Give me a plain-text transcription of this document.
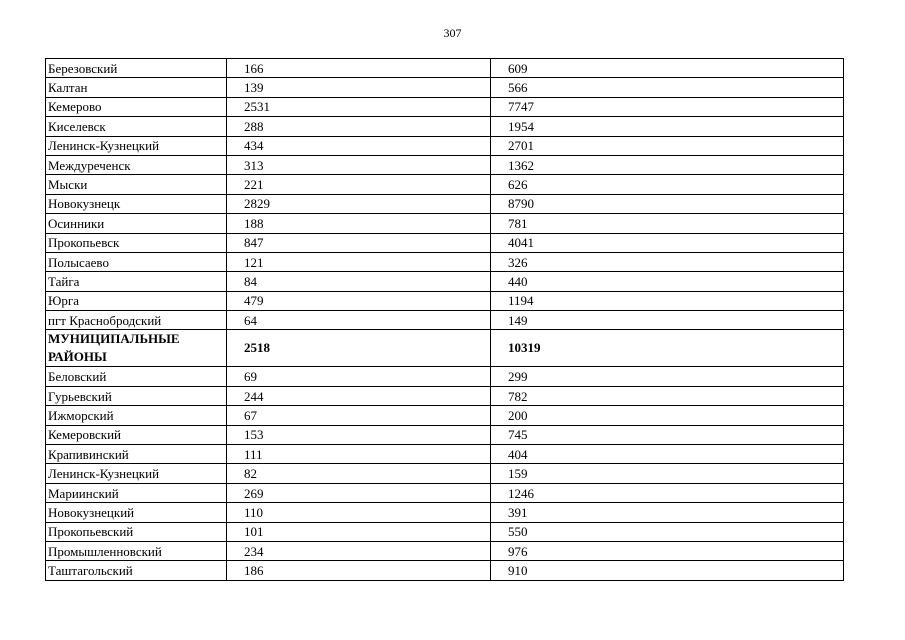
307
Березовский	166	609
Калтан	139	566
Кемерово	2531	7747
Киселевск	288	1954
Ленинск-Кузнецкий	434	2701
Междуреченск	313	1362
Мыски	221	626
Новокузнецк	2829	8790
Осинники	188	781
Прокопьевск	847	4041
Полысаево	121	326
Тайга	84	440
Юрга	479	1194
пгт Краснобродский	64	149
МУНИЦИПАЛЬНЫЕ РАЙОНЫ	2518	10319
Беловский	69	299
Гурьевский	244	782
Ижморский	67	200
Кемеровский	153	745
Крапивинский	111	404
Ленинск-Кузнецкий	82	159
Мариинский	269	1246
Новокузнецкий	110	391
Прокопьевский	101	550
Промышленновский	234	976
Таштагольский	186	910
